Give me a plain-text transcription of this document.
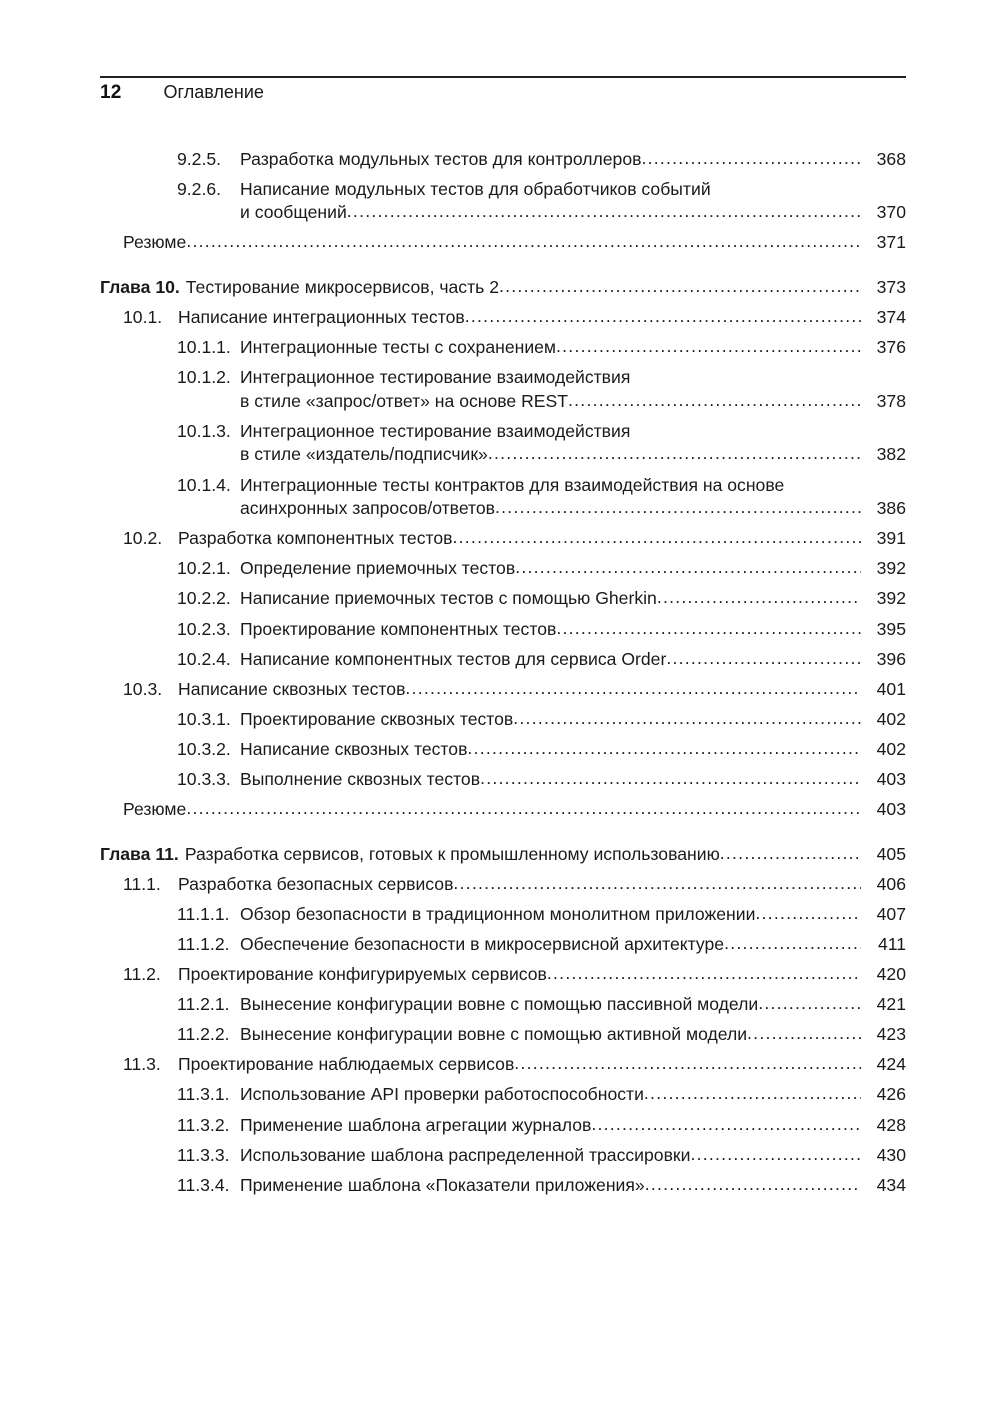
12 Оглавление
9.2.5.	Разработка модульных тестов для контроллеров .....	368
9.2.6.	Написание модульных тестов для обработчиков событий
и сообщений .....	370
Резюме .....	371
Глава 10. Тестирование микросервисов, часть 2 .....	373
10.1. Написание интеграционных тестов .....	374
10.1.1. Интеграционные тесты с сохранением .....	376
10.1.2. Интеграционное тестирование взаимодействия
в стиле «запрос/ответ» на основе REST .....	378
10.1.3. Интеграционное тестирование взаимодействия
в стиле «издатель/подписчик» .....	382
10.1.4. Интеграционные тесты контрактов для взаимодействия на основе
асинхронных запросов/ответов .....	386
10.2. Разработка компонентных тестов .....	391
10.2.1. Определение приемочных тестов .....	392
10.2.2. Написание приемочных тестов с помощью Gherkin .....	392
10.2.3. Проектирование компонентных тестов .....	395
10.2.4. Написание компонентных тестов для сервиса Order .....	396
10.3. Написание сквозных тестов .....	401
10.3.1. Проектирование сквозных тестов .....	402
10.3.2. Написание сквозных тестов .....	402
10.3.3. Выполнение сквозных тестов .....	403
Резюме .....	403
Глава 11. Разработка сервисов, готовых к промышленному использованию .....	405
11.1. Разработка безопасных сервисов .....	406
11.1.1. Обзор безопасности в традиционном монолитном приложении .....	407
11.1.2. Обеспечение безопасности в микросервисной архитектуре .....	411
11.2. Проектирование конфигурируемых сервисов .....	420
11.2.1. Вынесение конфигурации вовне с помощью пассивной модели .....	421
11.2.2. Вынесение конфигурации вовне с помощью активной модели .....	423
11.3. Проектирование наблюдаемых сервисов .....	424
11.3.1. Использование API проверки работоспособности .....	426
11.3.2. Применение шаблона агрегации журналов .....	428
11.3.3. Использование шаблона распределенной трассировки .....	430
11.3.4. Применение шаблона «Показатели приложения» .....	434
